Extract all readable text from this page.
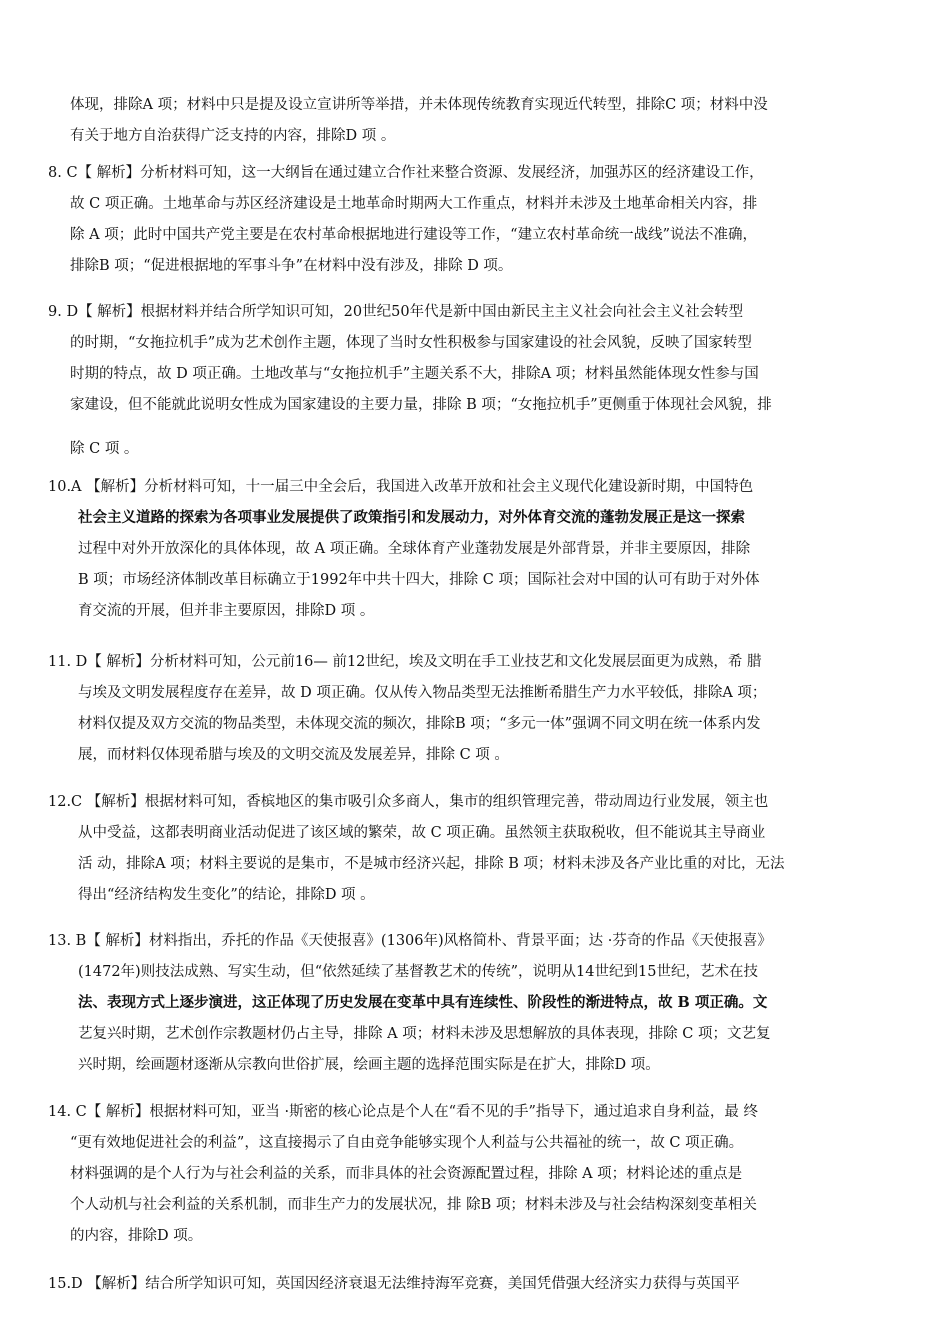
体现，排除A 项；材料中只是提及设立宣讲所等举措，并未体现传统教育实现近代转型，排除C 项；材料中没
有关于地方自治获得广泛支持的内容，排除D 项 。
8. C【 解析】分析材料可知，这一大纲旨在通过建立合作社来整合资源、发展经济，加强苏区的经济建设工作，
故 C 项正确。土地革命与苏区经济建设是土地革命时期两大工作重点，材料并未涉及土地革命相关内容，排
除 A 项；此时中国共产党主要是在农村革命根据地进行建设等工作，“建立农村革命统一战线”说法不准确，
排除B 项；“促进根据地的军事斗争”在材料中没有涉及，排除 D 项。
9. D【 解析】根据材料并结合所学知识可知，20世纪50年代是新中国由新民主主义社会向社会主义社会转型
的时期，“女拖拉机手”成为艺术创作主题，体现了当时女性积极参与国家建设的社会风貌，反映了国家转型
时期的特点，故 D 项正确。土地改革与“女拖拉机手”主题关系不大，排除A 项；材料虽然能体现女性参与国
家建设，但不能就此说明女性成为国家建设的主要力量，排除 B 项；“女拖拉机手”更侧重于体现社会风貌，排
除 C 项 。
10.A 【解析】分析材料可知，十一届三中全会后，我国进入改革开放和社会主义现代化建设新时期，中国特色
社会主义道路的探索为各项事业发展提供了政策指引和发展动力，对外体育交流的蓬勃发展正是这一探索
过程中对外开放深化的具体体现，故 A 项正确。全球体育产业蓬勃发展是外部背景，并非主要原因，排除
B 项；市场经济体制改革目标确立于1992年中共十四大，排除 C 项；国际社会对中国的认可有助于对外体
育交流的开展，但并非主要原因，排除D 项 。
11. D【 解析】分析材料可知，公元前16— 前12世纪，埃及文明在手工业技艺和文化发展层面更为成熟，希 腊
与埃及文明发展程度存在差异，故 D 项正确。仅从传入物品类型无法推断希腊生产力水平较低，排除A 项；
材料仅提及双方交流的物品类型，未体现交流的频次，排除B 项；“多元一体”强调不同文明在统一体系内发
展，而材料仅体现希腊与埃及的文明交流及发展差异，排除 C 项 。
12.C 【解析】根据材料可知，香槟地区的集市吸引众多商人，集市的组织管理完善，带动周边行业发展，领主也
从中受益，这都表明商业活动促进了该区域的繁荣，故 C 项正确。虽然领主获取税收，但不能说其主导商业
活 动，排除A 项；材料主要说的是集市，不是城市经济兴起，排除 B 项；材料未涉及各产业比重的对比，无法
得出“经济结构发生变化”的结论，排除D 项 。
13. B【 解析】材料指出，乔托的作品《天使报喜》(1306年)风格简朴、背景平面；达 ·芬奇的作品《天使报喜》
(1472年)则技法成熟、写实生动，但“依然延续了基督教艺术的传统”，说明从14世纪到15世纪，艺术在技
法、表现方式上逐步演进，这正体现了历史发展在变革中具有连续性、阶段性的渐进特点，故 B 项正确。文
艺复兴时期，艺术创作宗教题材仍占主导，排除 A 项；材料未涉及思想解放的具体表现，排除 C 项；文艺复
兴时期，绘画题材逐渐从宗教向世俗扩展，绘画主题的选择范围实际是在扩大，排除D 项。
14. C【 解析】根据材料可知，亚当 ·斯密的核心论点是个人在“看不见的手”指导下，通过追求自身利益，最 终
“更有效地促进社会的利益”，这直接揭示了自由竞争能够实现个人利益与公共福祉的统一，故 C 项正确。
材料强调的是个人行为与社会利益的关系，而非具体的社会资源配置过程，排除 A 项；材料论述的重点是
个人动机与社会利益的关系机制，而非生产力的发展状况，排 除B 项；材料未涉及与社会结构深刻变革相关
的内容，排除D 项。
15.D 【解析】结合所学知识可知，英国因经济衰退无法维持海军竞赛，美国凭借强大经济实力获得与英国平
